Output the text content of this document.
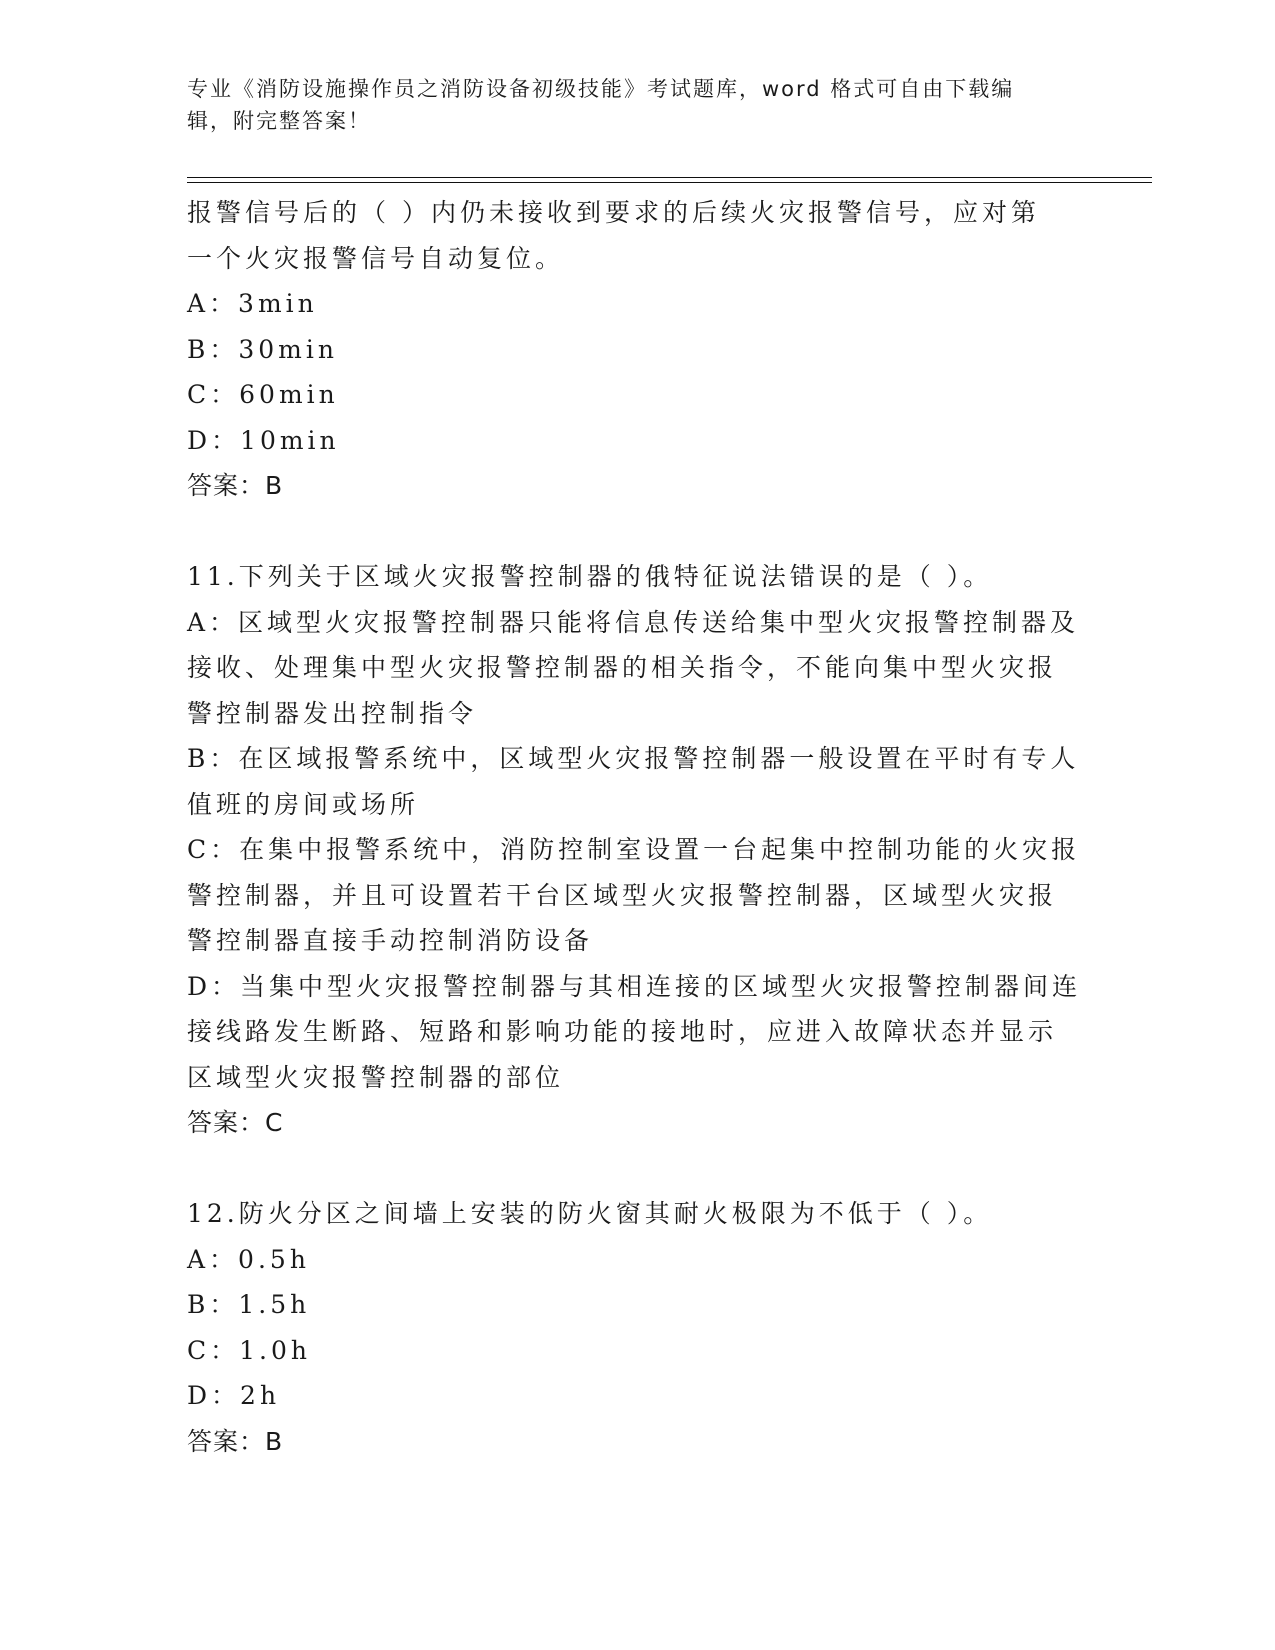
专业《消防设施操作员之消防设备初级技能》考试题库，word 格式可自由下载编
辑，附完整答案！
报警信号后的（ ）内仍未接收到要求的后续火灾报警信号，应对第
一个火灾报警信号自动复位。
A：3min
B：30min
C：60min
D：10min
答案：B
11.下列关于区域火灾报警控制器的俄特征说法错误的是（ ）。
A：区域型火灾报警控制器只能将信息传送给集中型火灾报警控制器及
接收、处理集中型火灾报警控制器的相关指令，不能向集中型火灾报
警控制器发出控制指令
B：在区域报警系统中，区域型火灾报警控制器一般设置在平时有专人
值班的房间或场所
C：在集中报警系统中，消防控制室设置一台起集中控制功能的火灾报
警控制器，并且可设置若干台区域型火灾报警控制器，区域型火灾报
警控制器直接手动控制消防设备
D：当集中型火灾报警控制器与其相连接的区域型火灾报警控制器间连
接线路发生断路、短路和影响功能的接地时，应进入故障状态并显示
区域型火灾报警控制器的部位
答案：C
12.防火分区之间墙上安装的防火窗其耐火极限为不低于（ ）。
A：0.5h
B：1.5h
C：1.0h
D：2h
答案：B
